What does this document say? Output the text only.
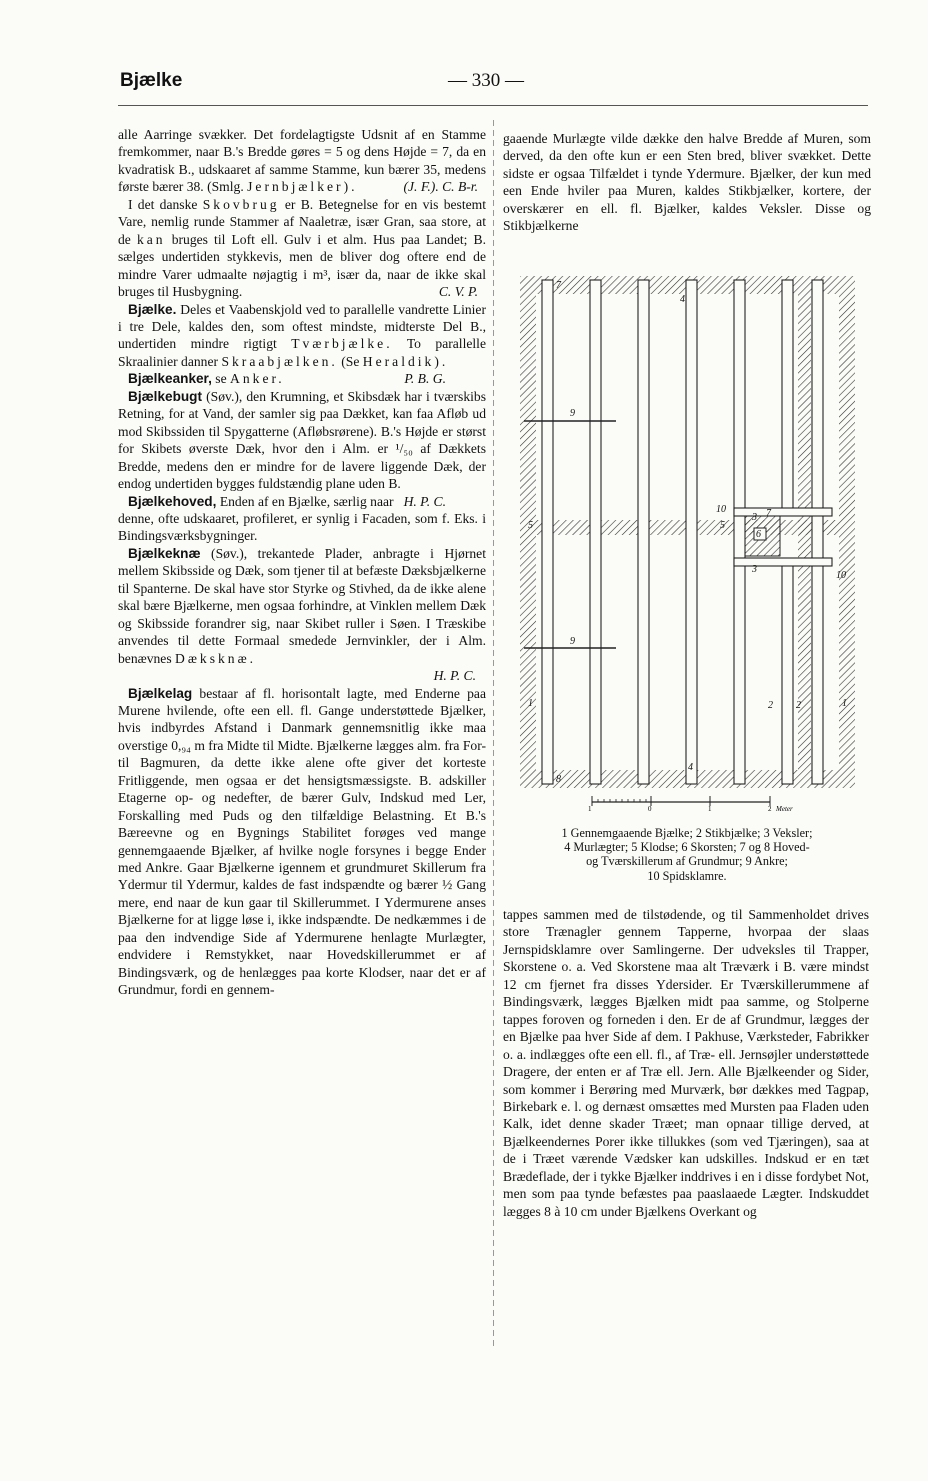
Bjælke	— 330 —

alle Aarringe svækker. Det fordelagtigste Udsnit af en Stamme fremkommer, naar B.'s Bredde gøres = 5 og dens Højde = 7, da en kvadratisk B., udskaaret af samme Stamme, kun bærer 35, medens første bærer 38. (Smlg. Jernbjælker).	(J. F.). C. B-r.

I det danske Skovbrug er B. Betegnelse for en vis bestemt Vare, nemlig runde Stammer af Naaletræ, især Gran, saa store, at de kan bruges til Loft ell. Gulv i et alm. Hus paa Landet; B. sælges undertiden stykkevis, men de bliver dog oftere end de mindre Varer udmaalte nøjagtig i m³, især da, naar de ikke skal bruges til Husbygning.	C. V. P.

Bjælke. Deles et Vaabenskjold ved to parallelle vandrette Linier i tre Dele, kaldes den, som oftest mindste, midterste Del B., undertiden mindre rigtigt Tværbjælke. To parallelle Skraalinier danner Skraabjælken. (Se Heraldik).
P. B. G.

Bjælkeanker, se Anker.

Bjælkebugt (Søv.), den Krumning, et Skibsdæk har i tværskibs Retning, for at Vand, der samler sig paa Dækket, kan faa Afløb ud mod Skibssiden til Spygatterne (Afløbsrørene). B.'s Højde er størst for Skibets øverste Dæk, hvor den i Alm. er ¹/₅₀ af Dækkets Bredde, medens den er mindre for de lavere liggende Dæk, der endog undertiden bygges fuldstændig plane uden B.
H. P. C.

Bjælkehoved, Enden af en Bjælke, særlig naar denne, ofte udskaaret, profileret, er synlig i Facaden, som f. Eks. i Bindingsværksbygninger.

Bjælkeknæ (Søv.), trekantede Plader, anbragte i Hjørnet mellem Skibsside og Dæk, som tjener til at befæste Dæksbjælkerne til Spanterne. De skal have stor Styrke og Stivhed, da de ikke alene skal bære Bjælkerne, men ogsaa forhindre, at Vinklen mellem Dæk og Skibsside forandrer sig, naar Skibet ruller i Søen. I Træskibe anvendes til dette Formaal smedede Jernvinkler, der i Alm. benævnes Dæksknæ.
H. P. C.

Bjælkelag bestaar af fl. horisontalt lagte, med Enderne paa Murene hvilende, ofte een ell. fl. Gange understøttede Bjælker, hvis indbyrdes Afstand i Danmark gennemsnitlig ikke maa overstige 0,₉₄ m fra Midte til Midte. Bjælkerne lægges alm. fra For- til Bagmuren, da dette ikke alene ofte giver det korteste Fritliggende, men ogsaa er det hensigtsmæssigste. B. adskiller Etagerne op- og nedefter, de bærer Gulv, Indskud med Ler, Forskalling med Puds og den tilfældige Belastning. Et B.'s Bæreevne og en Bygnings Stabilitet forøges ved mange gennemgaaende Bjælker, af hvilke nogle forsynes i begge Ender med Ankre. Gaar Bjælkerne igennem et grundmuret Skillerum fra Ydermur til Ydermur, kaldes de fast indspændte og bærer ½ Gang mere, end naar de kun gaar til Skillerummet. I Ydermurene anses Bjælkerne for at ligge løse i, ikke indspændte. De nedkæmmes i de paa den indvendige Side af Ydermurene henlagte Murlægter, endvidere i Remstykket, naar Hovedskillerummet er af Bindingsværk, og de henlægges paa korte Klodser, naar det er af Grundmur, fordi en gennem-

gaaende Murlægte vilde dække den halve Bredde af Muren, som derved, da den ofte kun er een Sten bred, bliver svækket. Dette sidste er ogsaa Tilfældet i tynde Ydermure. Bjælker, der kun med een Ende hviler paa Muren, kaldes Stikbjælker, kortere, der overskærer en ell. fl. Bjælker, kaldes Veksler. Disse og Stikbjælkerne

4
4
9
9
1	1
2 2
3
3
5	5
6
7
7
8
10
10
1	0	1	2 Meter
1 Gennemgaaende Bjælke; 2 Stikbjælke; 3 Veksler;
4 Murlægter; 5 Klodse; 6 Skorsten; 7 og 8 Hoved-
og Tværskillerum af Grundmur; 9 Ankre;
10 Spidsklamre.

tappes sammen med de tilstødende, og til Sammenholdet drives store Trænagler gennem Tapperne, hvorpaa der slaas Jernspidsklamre over Samlingerne. Der udveksles til Trapper, Skorstene o. a. Ved Skorstene maa alt Træværk i B. være mindst 12 cm fjernet fra disses Ydersider. Er Tværskillerummene af Bindingsværk, lægges Bjælken midt paa samme, og Stolperne tappes foroven og forneden i den. Er de af Grundmur, lægges der en Bjælke paa hver Side af dem. I Pakhuse, Værksteder, Fabrikker o. a. indlægges ofte een ell. fl., af Træ- ell. Jernsøjler understøttede Dragere, der enten er af Træ ell. Jern. Alle Bjælkeender og Sider, som kommer i Berøring med Murværk, bør dækkes med Tagpap, Birkebark e. l. og dernæst omsættes med Mursten paa Fladen uden Kalk, idet denne skader Træet; man opnaar tillige derved, at Bjælkeendernes Porer ikke tillukkes (som ved Tjæringen), saa at de i Træet værende Vædsker kan udskilles. Indskud er en tæt Brædeflade, der i tykke Bjælker inddrives i en i disse fordybet Not, men som paa tynde befæstes paa paaslaaede Lægter. Indskuddet lægges 8 à 10 cm under Bjælkens Overkant og
